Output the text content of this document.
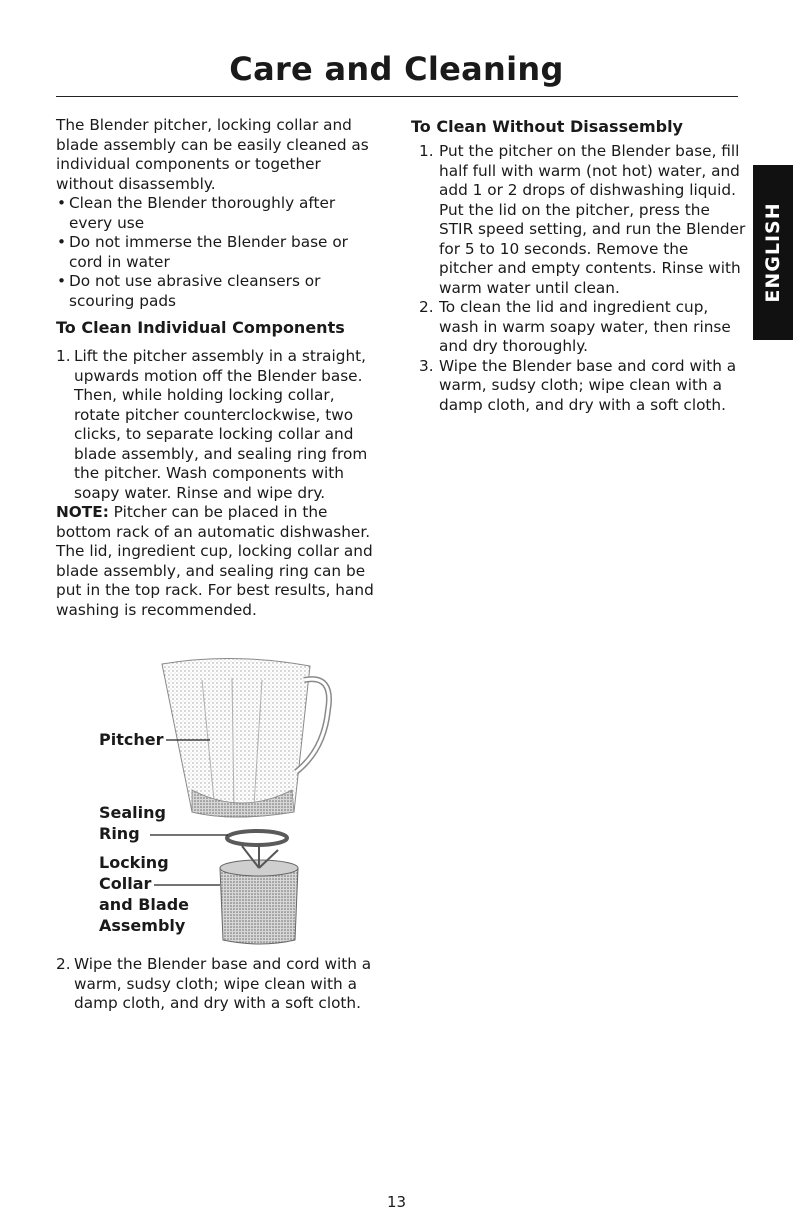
Care and Cleaning

The Blender pitcher, locking collar and blade assembly can be easily cleaned as individual components or together without disassembly.

• Clean the Blender thoroughly after every use
• Do not immerse the Blender base or cord in water
• Do not use abrasive cleansers or scouring pads
To Clean Individual Components
1. Lift the pitcher assembly in a straight, upwards motion off the Blender base. Then, while holding locking collar, rotate pitcher counterclockwise, two clicks, to separate locking collar and blade assembly, and sealing ring from the pitcher. Wash components with soapy water. Rinse and wipe dry.

NOTE: Pitcher can be placed in the bottom rack of an automatic dishwasher. The lid, ingredient cup, locking collar and blade assembly, and sealing ring can be put in the top rack. For best results, hand washing is recommended.

Pitcher
Sealing
Ring
Locking
Collar
and Blade
Assembly
2. Wipe the Blender base and cord with a warm, sudsy cloth; wipe clean with a damp cloth, and dry with a soft cloth.
To Clean Without Disassembly
1. Put the pitcher on the Blender base, fill half full with warm (not hot) water, and add 1 or 2 drops of dishwashing liquid. Put the lid on the pitcher, press the STIR speed setting, and run the Blender for 5 to 10 seconds. Remove the pitcher and empty contents. Rinse with warm water until clean.
2. To clean the lid and ingredient cup, wash in warm soapy water, then rinse and dry thoroughly.
3. Wipe the Blender base and cord with a warm, sudsy cloth; wipe clean with a damp cloth, and dry with a soft cloth.
ENGLISH
13
